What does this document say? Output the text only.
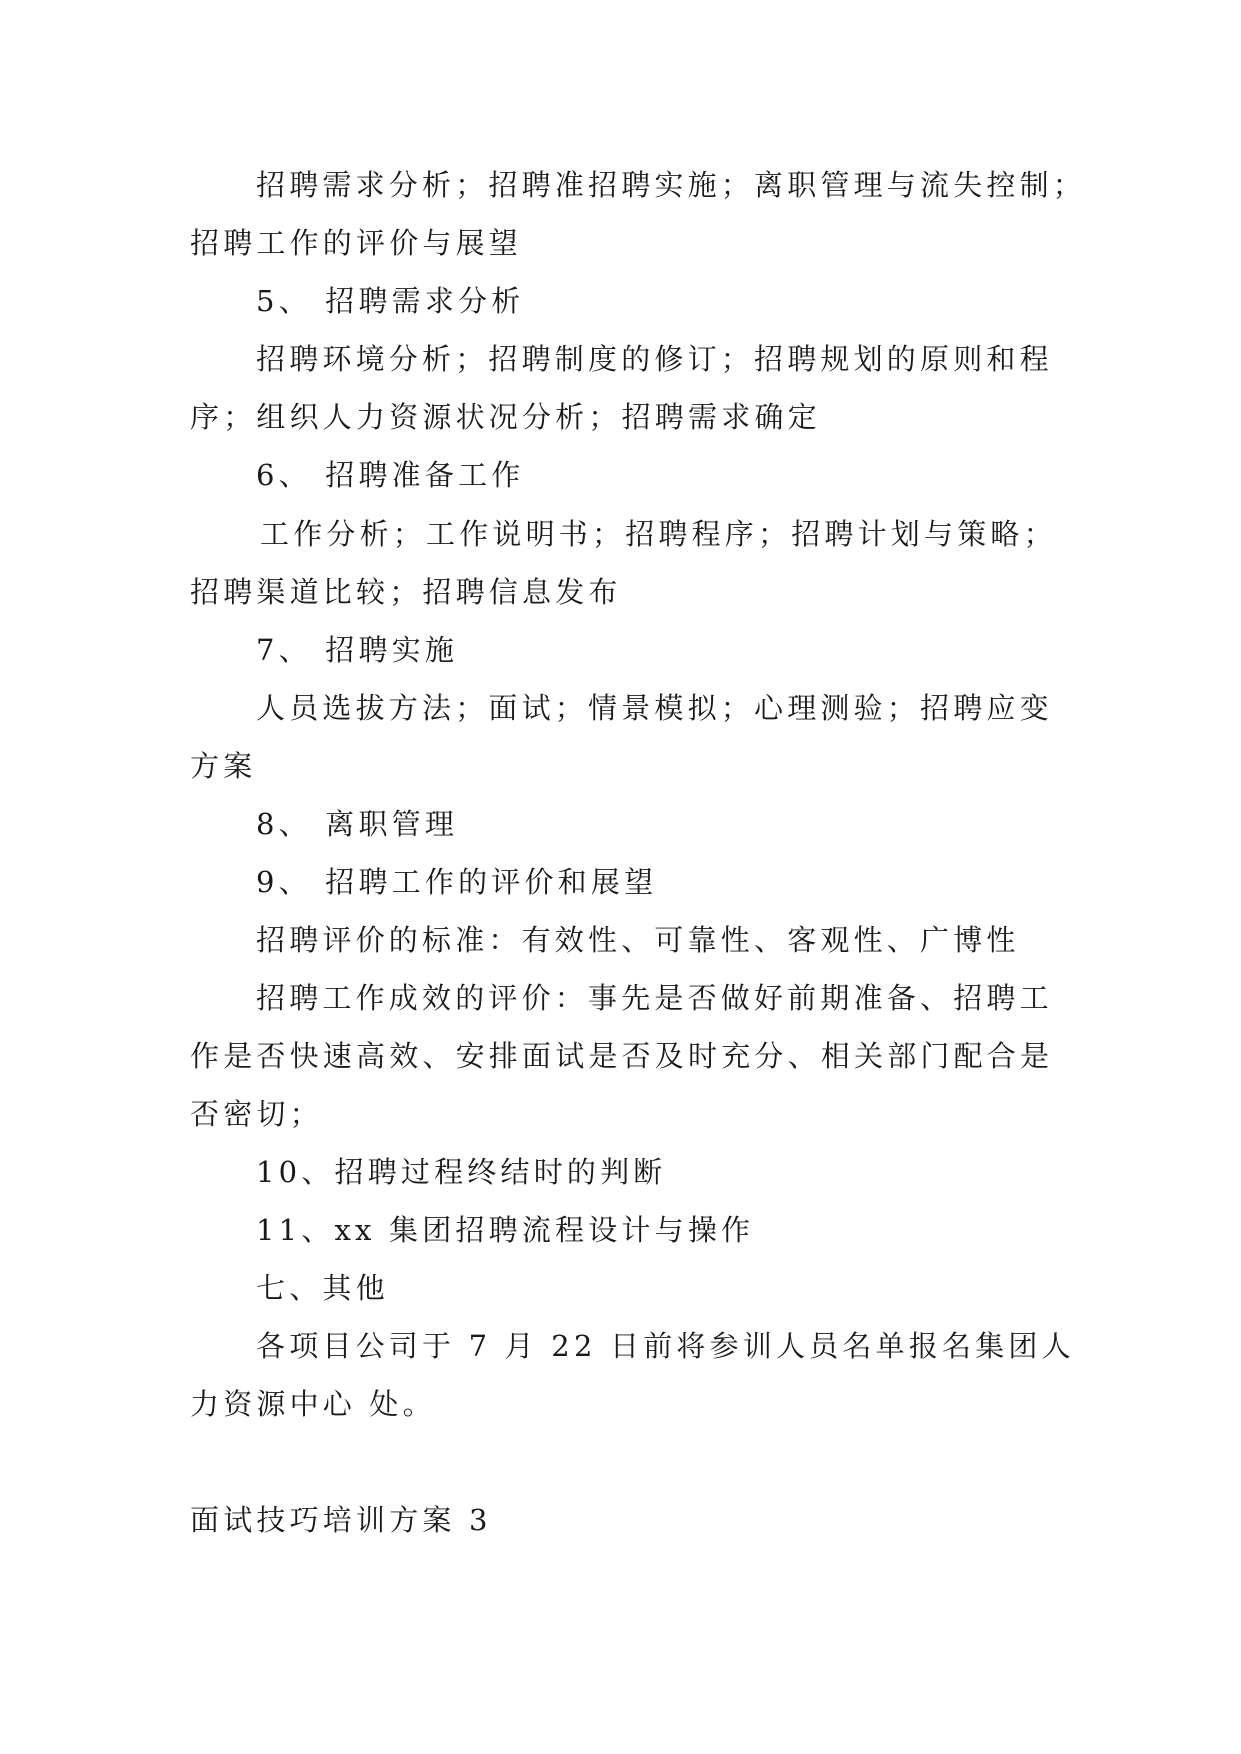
招聘需求分析；招聘准招聘实施；离职管理与流失控制；
招聘工作的评价与展望
5、 招聘需求分析
招聘环境分析；招聘制度的修订；招聘规划的原则和程
序；组织人力资源状况分析；招聘需求确定
6、 招聘准备工作
工作分析；工作说明书；招聘程序；招聘计划与策略；
招聘渠道比较；招聘信息发布
7、 招聘实施
人员选拔方法；面试；情景模拟；心理测验；招聘应变
方案
8、 离职管理
9、 招聘工作的评价和展望
招聘评价的标准：有效性、可靠性、客观性、广博性
招聘工作成效的评价：事先是否做好前期准备、招聘工
作是否快速高效、安排面试是否及时充分、相关部门配合是
否密切；
10、招聘过程终结时的判断
11、xx 集团招聘流程设计与操作
七、其他
各项目公司于 7 月 22 日前将参训人员名单报名集团人
力资源中心 处。
面试技巧培训方案 3
